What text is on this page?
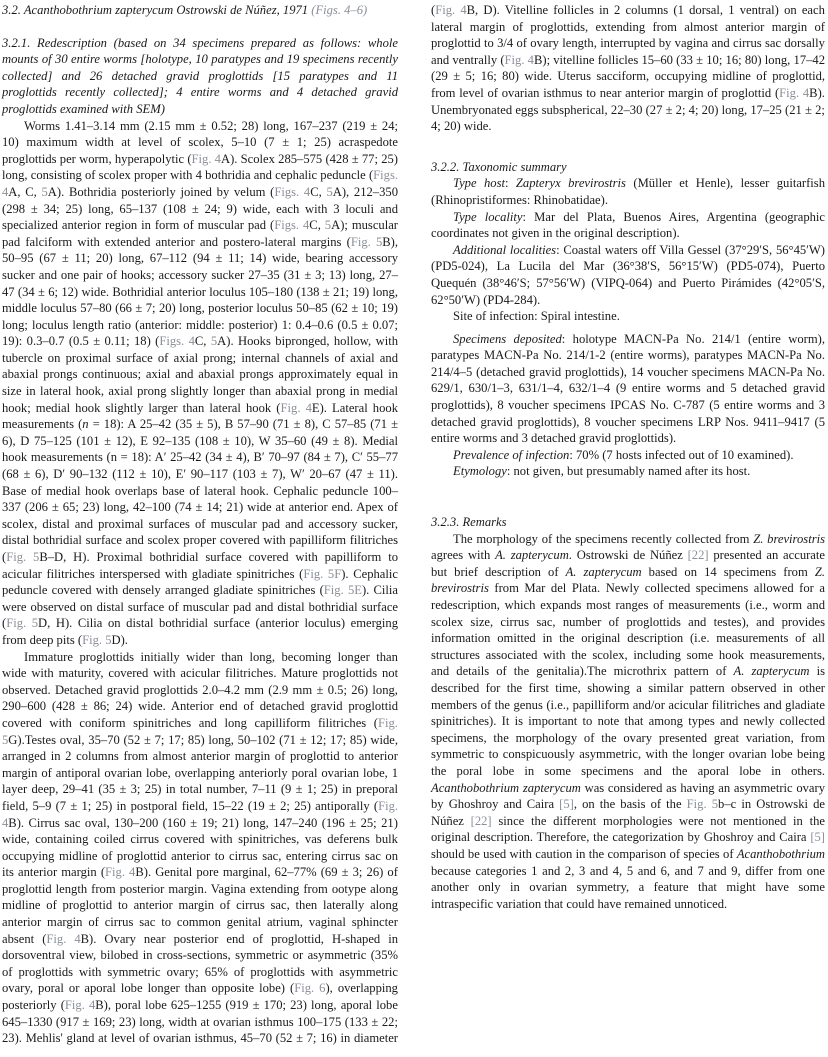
3.2. Acanthobothrium zapterycum Ostrowski de Núñez, 1971 (Figs. 4–6)
3.2.1. Redescription (based on 34 specimens prepared as follows: whole mounts of 30 entire worms [holotype, 10 paratypes and 19 specimens recently collected] and 26 detached gravid proglottids [15 paratypes and 11 proglottids recently collected]; 4 entire worms and 4 detached gravid proglottids examined with SEM)

Worms 1.41–3.14 mm (2.15 mm ± 0.52; 28) long, 167–237 (219 ± 24; 10) maximum width at level of scolex, 5–10 (7 ± 1; 25) acraspedote proglottids per worm, hyperapolytic (Fig. 4A). Scolex 285–575 (428 ± 77; 25) long, consisting of scolex proper with 4 bothridia and cephalic peduncle (Figs. 4A, C, 5A). Bothridia posteriorly joined by velum (Figs. 4C, 5A), 212–350 (298 ± 34; 25) long, 65–137 (108 ± 24; 9) wide, each with 3 loculi and specialized anterior region in form of muscular pad (Figs. 4C, 5A); muscular pad falciform with extended anterior and postero-lateral margins (Fig. 5B), 50–95 (67 ± 11; 20) long, 67–112 (94 ± 11; 14) wide, bearing accessory sucker and one pair of hooks; accessory sucker 27–35 (31 ± 3; 13) long, 27–47 (34 ± 6; 12) wide. Bothridial anterior loculus 105–180 (138 ± 21; 19) long, middle loculus 57–80 (66 ± 7; 20) long, posterior loculus 50–85 (62 ± 10; 19) long; loculus length ratio (anterior: middle: posterior) 1: 0.4–0.6 (0.5 ± 0.07; 19): 0.3–0.7 (0.5 ± 0.11; 18) (Figs. 4C, 5A). Hooks bipronged, hollow, with tubercle on proximal surface of axial prong; internal channels of axial and abaxial prongs continuous; axial and abaxial prongs approximately equal in size in lateral hook, axial prong slightly longer than abaxial prong in medial hook; medial hook slightly larger than lateral hook (Fig. 4E). Lateral hook measurements (n = 18): A 25–42 (35 ± 5), B 57–90 (71 ± 8), C 57–85 (71 ± 6), D 75–125 (101 ± 12), E 92–135 (108 ± 10), W 35–60 (49 ± 8). Medial hook measurements (n = 18): A′ 25–42 (34 ± 4), B′ 70–97 (84 ± 7), C′ 55–77 (68 ± 6), D′ 90–132 (112 ± 10), E′ 90–117 (103 ± 7), W′ 20–67 (47 ± 11). Base of medial hook overlaps base of lateral hook. Cephalic peduncle 100–337 (206 ± 65; 23) long, 42–100 (74 ± 14; 21) wide at anterior end. Apex of scolex, distal and proximal surfaces of muscular pad and accessory sucker, distal bothridial surface and scolex proper covered with papilliform filitriches (Fig. 5B–D, H). Proximal bothridial surface covered with papilliform to acicular filitriches interspersed with gladiate spinitriches (Fig. 5F). Cephalic peduncle covered with densely arranged gladiate spinitriches (Fig. 5E). Cilia were observed on distal surface of muscular pad and distal bothridial surface (Fig. 5D, H). Cilia on distal bothridial surface (anterior loculus) emerging from deep pits (Fig. 5D).

Immature proglottids initially wider than long, becoming longer than wide with maturity, covered with acicular filitriches. Mature proglottids not observed. Detached gravid proglottids 2.0–4.2 mm (2.9 mm ± 0.5; 26) long, 290–600 (428 ± 86; 24) wide. Anterior end of detached gravid proglottid covered with coniform spinitriches and long capilliform filitriches (Fig. 5G).Testes oval, 35–70 (52 ± 7; 17; 85) long, 50–102 (71 ± 12; 17; 85) wide, arranged in 2 columns from almost anterior margin of proglottid to anterior margin of antiporal ovarian lobe, overlapping anteriorly poral ovarian lobe, 1 layer deep, 29–41 (35 ± 3; 25) in total number, 7–11 (9 ± 1; 25) in preporal field, 5–9 (7 ± 1; 25) in postporal field, 15–22 (19 ± 2; 25) antiporally (Fig. 4B). Cirrus sac oval, 130–200 (160 ± 19; 21) long, 147–240 (196 ± 25; 21) wide, containing coiled cirrus covered with spinitriches, vas deferens bulk occupying midline of proglottid anterior to cirrus sac, entering cirrus sac on its anterior margin (Fig. 4B). Genital pore marginal, 62–77% (69 ± 3; 26) of proglottid length from posterior margin. Vagina extending from ootype along midline of proglottid to anterior margin of cirrus sac, then laterally along anterior margin of cirrus sac to common genital atrium, vaginal sphincter absent (Fig. 4B). Ovary near posterior end of proglottid, H-shaped in dorsoventral view, bilobed in cross-sections, symmetric or asymmetric (35% of proglottids with symmetric ovary; 65% of proglottids with asymmetric ovary, poral or aporal lobe longer than opposite lobe) (Fig. 6), overlapping posteriorly (Fig. 4B), poral lobe 625–1255 (919 ± 170; 23) long, aporal lobe 645–1330 (917 ± 169; 23) long, width at ovarian isthmus 100–175 (133 ± 22; 23). Mehlis' gland at level of ovarian isthmus, 45–70 (52 ± 7; 16) in diameter

(Fig. 4B, D). Vitelline follicles in 2 columns (1 dorsal, 1 ventral) on each lateral margin of proglottids, extending from almost anterior margin of proglottid to 3/4 of ovary length, interrupted by vagina and cirrus sac dorsally and ventrally (Fig. 4B); vitelline follicles 15–60 (33 ± 10; 16; 80) long, 17–42 (29 ± 5; 16; 80) wide. Uterus sacciform, occupying midline of proglottid, from level of ovarian isthmus to near anterior margin of proglottid (Fig. 4B). Unembryonated eggs subspherical, 22–30 (27 ± 2; 4; 20) long, 17–25 (21 ± 2; 4; 20) wide.

3.2.2. Taxonomic summary

Type host: Zapteryx brevirostris (Müller et Henle), lesser guitarfish (Rhinopristiformes: Rhinobatidae).

Type locality: Mar del Plata, Buenos Aires, Argentina (geographic coordinates not given in the original description).

Additional localities: Coastal waters off Villa Gessel (37°29′S, 56°45′W) (PD5-024), La Lucila del Mar (36°38′S, 56°15′W) (PD5-074), Puerto Quequén (38°46′S; 57°56′W) (VIPQ-064) and Puerto Pirámides (42°05′S, 62°50′W) (PD4-284).

Site of infection: Spiral intestine.

Specimens deposited: holotype MACN-Pa No. 214/1 (entire worm), paratypes MACN-Pa No. 214/1-2 (entire worms), paratypes MACN-Pa No. 214/4–5 (detached gravid proglottids), 14 voucher specimens MACN-Pa No. 629/1, 630/1–3, 631/1–4, 632/1–4 (9 entire worms and 5 detached gravid proglottids), 8 voucher specimens IPCAS No. C-787 (5 entire worms and 3 detached gravid proglottids), 8 voucher specimens LRP Nos. 9411–9417 (5 entire worms and 3 detached gravid proglottids).

Prevalence of infection: 70% (7 hosts infected out of 10 examined).

Etymology: not given, but presumably named after its host.

3.2.3. Remarks

The morphology of the specimens recently collected from Z. brevirostris agrees with A. zapterycum. Ostrowski de Núñez [22] presented an accurate but brief description of A. zapterycum based on 14 specimens from Z. brevirostris from Mar del Plata. Newly collected specimens allowed for a redescription, which expands most ranges of measurements (i.e., worm and scolex size, cirrus sac, number of proglottids and testes), and provides information omitted in the original description (i.e. measurements of all structures associated with the scolex, including some hook measurements, and details of the genitalia).The microthrix pattern of A. zapterycum is described for the first time, showing a similar pattern observed in other members of the genus (i.e., papilliform and/or acicular filitriches and gladiate spinitriches). It is important to note that among types and newly collected specimens, the morphology of the ovary presented great variation, from symmetric to conspicuously asymmetric, with the longer ovarian lobe being the poral lobe in some specimens and the aporal lobe in others. Acanthobothrium zapterycum was considered as having an asymmetric ovary by Ghoshroy and Caira [5], on the basis of the Fig. 5b–c in Ostrowski de Núñez [22] since the different morphologies were not mentioned in the original description. Therefore, the categorization by Ghoshroy and Caira [5] should be used with caution in the comparison of species of Acanthobothrium because categories 1 and 2, 3 and 4, 5 and 6, and 7 and 9, differ from one another only in ovarian symmetry, a feature that might have some intraspecific variation that could have remained unnoticed.
